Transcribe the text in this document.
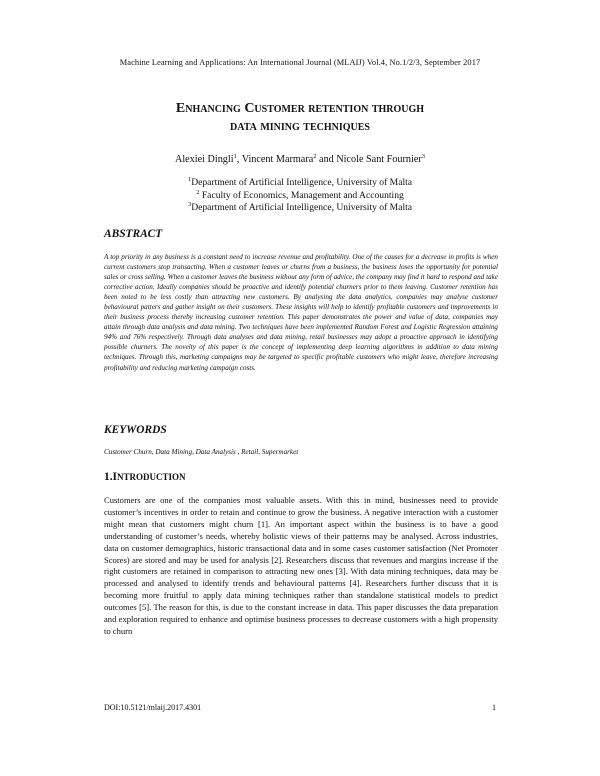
Machine Learning and Applications: An International Journal (MLAIJ) Vol.4, No.1/2/3, September 2017
Enhancing Customer retention through
data mining techniques
Alexiei Dingli$^1$, Vincent Marmara$^2$ and Nicole Sant Fournier$^3$
$^1$Department of Artificial Intelligence, University of Malta
$^2$ Faculty of Economics, Management and Accounting
$^3$Department of Artificial Intelligence, University of Malta
ABSTRACT
A top priority in any business is a constant need to increase revenue and profitability. One of the causes for a decrease in profits is when current customers stop transacting. When a customer leaves or churns from a business, the business loses the opportunity for potential sales or cross selling. When a customer leaves the business without any form of advice, the company may find it hard to respond and take corrective action. Ideally companies should be proactive and identify potential churners prior to them leaving. Customer retention has been noted to be less costly than attracting new customers. By analysing the data analytics, companies may analyse customer behavioural patters and gather insight on their customers. These insights will help to identify profitable customers and improvements in their business process thereby increasing customer retention. This paper demonstrates the power and value of data, companies may attain through data analysis and data mining. Two techniques have been implemented Random Forest and Logistic Regression attaining 94% and 76% respectively. Through data analyses and data mining, retail businesses may adopt a proactive approach in identifying possible churners. The novelty of this paper is the concept of implementing deep learning algorithms in addition to data mining techniques. Through this, marketing campaigns may be targeted to specific profitable customers who might leave, therefore increasing profitability and reducing marketing campaign costs.
KEYWORDS
Customer Churn, Data Mining, Data Analysis , Retail, Supermarket
1.INTRODUCTION
Customers are one of the companies most valuable assets. With this in mind, businesses need to provide customer’s incentives in order to retain and continue to grow the business. A negative interaction with a customer might mean that customers might churn [1]. An important aspect within the business is to have a good understanding of customer’s needs, whereby holistic views of their patterns may be analysed. Across industries, data on customer demographics, historic transactional data and in some cases customer satisfaction (Net Promoter Scores) are stored and may be used for analysis [2]. Researchers discuss that revenues and margins increase if the right customers are retained in comparison to attracting new ones [3]. With data mining techniques, data may be processed and analysed to identify trends and behavioural patterns [4]. Researchers further discuss that it is becoming more fruitful to apply data mining techniques rather than standalone statistical models to predict outcomes [5]. The reason for this, is due to the constant increase in data. This paper discusses the data preparation and exploration required to enhance and optimise business processes to decrease customers with a high propensity to churn
DOI:10.5121/mlaij.2017.4301	1
